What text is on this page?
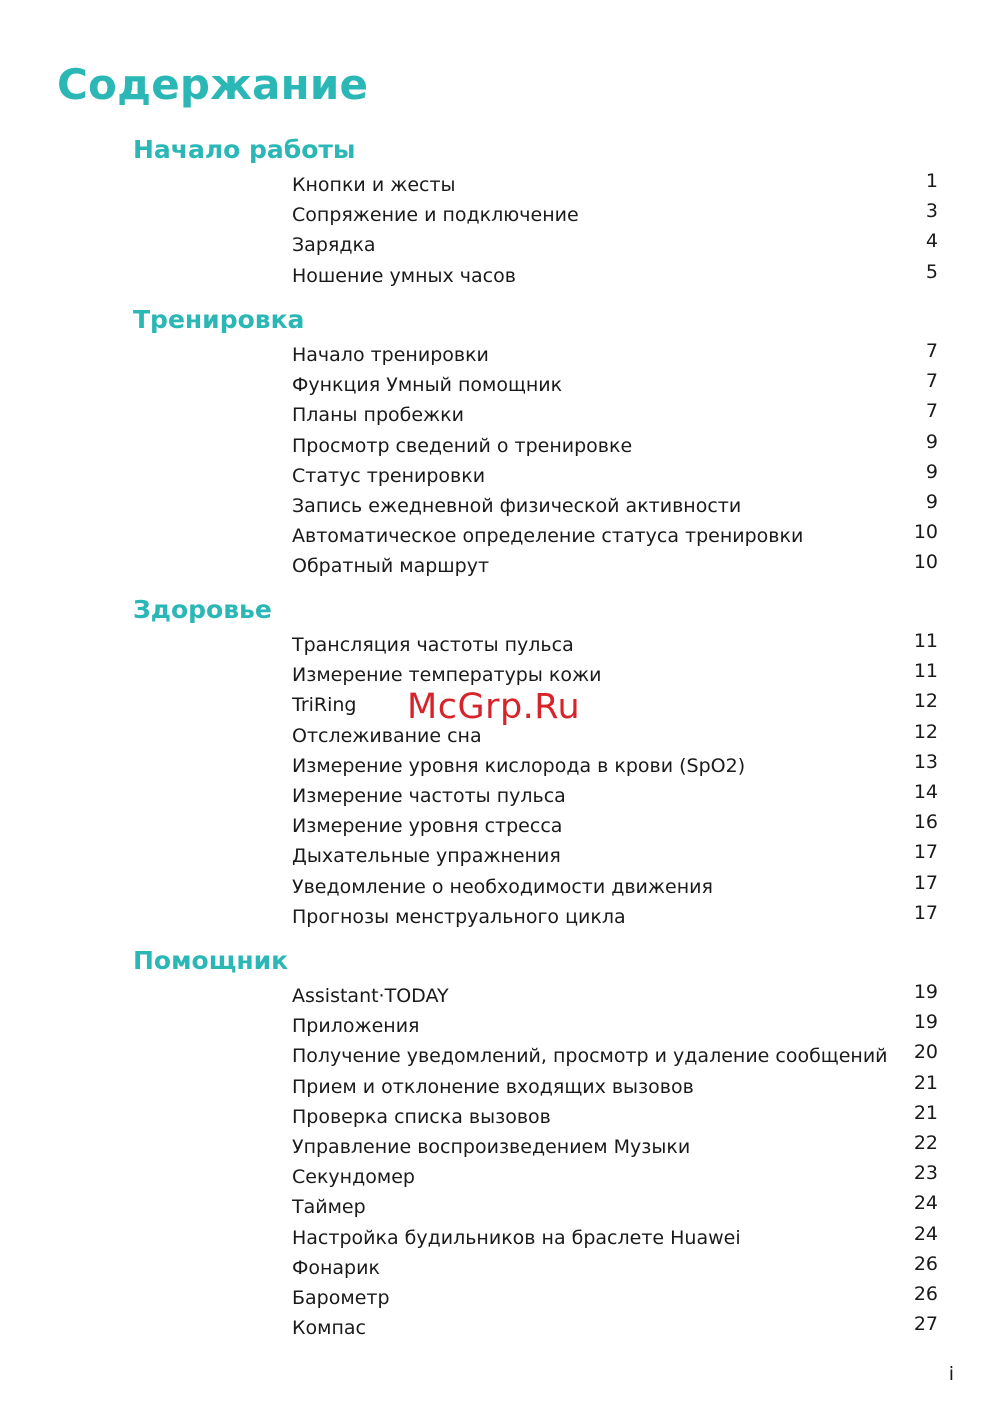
Содержание
Начало работы
Кнопки и жесты	1
Сопряжение и подключение	3
Зарядка	4
Ношение умных часов	5
Тренировка
Начало тренировки	7
Функция Умный помощник	7
Планы пробежки	7
Просмотр сведений о тренировке	9
Статус тренировки	9
Запись ежедневной физической активности	9
Автоматическое определение статуса тренировки	10
Обратный маршрут	10
Здоровье
Трансляция частоты пульса	11
Измерение температуры кожи	11
TriRing	12
Отслеживание сна	12
Измерение уровня кислорода в крови (SpO2)	13
Измерение частоты пульса	14
Измерение уровня стресса	16
Дыхательные упражнения	17
Уведомление о необходимости движения	17
Прогнозы менструального цикла	17
Помощник
Assistant·TODAY	19
Приложения	19
Получение уведомлений, просмотр и удаление сообщений 20
Прием и отклонение входящих вызовов	21
Проверка списка вызовов	21
Управление воспроизведением Музыки	22
Секундомер	23
Таймер	24
Настройка будильников на браслете Huawei	24
Фонарик	26
Барометр	26
Компас	27
McGrp.Ru
i
